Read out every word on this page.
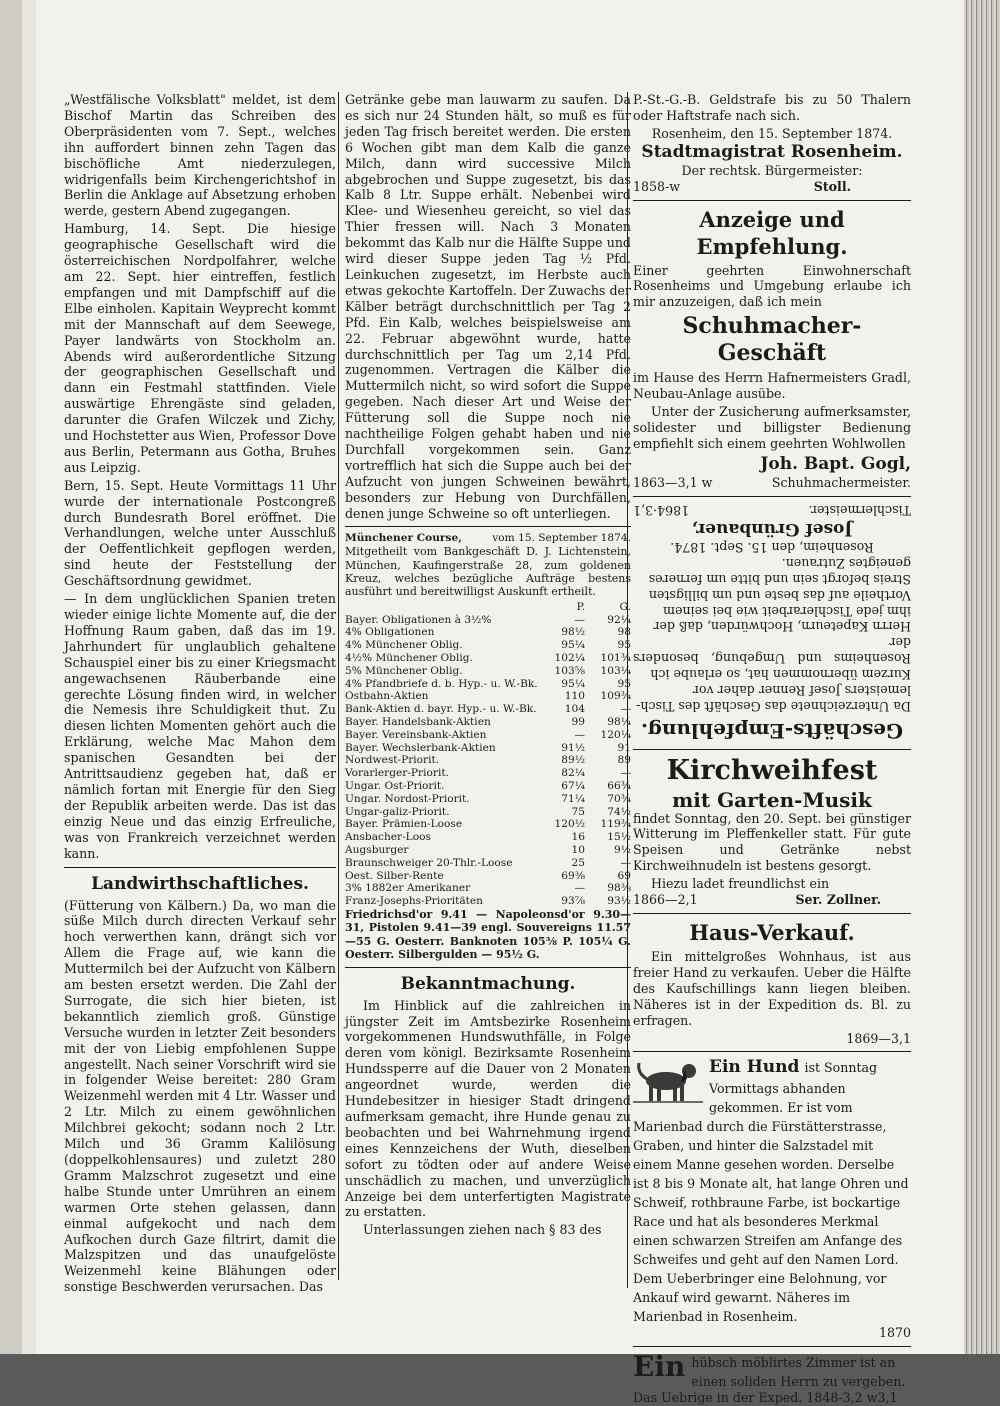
„Westfälische Volksblatt" meldet, ist dem Bischof Martin das Schreiben des Oberpräsidenten vom 7. Sept., welches ihn auffordert binnen zehn Tagen das bischöfliche Amt niederzulegen, widrigenfalls beim Kirchengerichtshof in Berlin die Anklage auf Absetzung erhoben werde, gestern Abend zugegangen.

Hamburg, 14. Sept. Die hiesige geographische Gesellschaft wird die österreichischen Nordpolfahrer, welche am 22. Sept. hier eintreffen, festlich empfangen und mit Dampfschiff auf die Elbe einholen. Kapitain Weyprecht kommt mit der Mannschaft auf dem Seewege, Payer landwärts von Stockholm an. Abends wird außerordentliche Sitzung der geographischen Gesellschaft und dann ein Festmahl stattfinden. Viele auswärtige Ehrengäste sind geladen, darunter die Grafen Wilczek und Zichy, und Hochstetter aus Wien, Professor Dove aus Berlin, Petermann aus Gotha, Bruhes aus Leipzig.

Bern, 15. Sept. Heute Vormittags 11 Uhr wurde der internationale Postcongreß durch Bundesrath Borel eröffnet. Die Verhandlungen, welche unter Ausschluß der Oeffentlichkeit gepflogen werden, sind heute der Feststellung der Geschäftsordnung gewidmet.

— In dem unglücklichen Spanien treten wieder einige lichte Momente auf, die der Hoffnung Raum gaben, daß das im 19. Jahrhundert für unglaublich gehaltene Schauspiel einer bis zu einer Kriegsmacht angewachsenen Räuberbande eine gerechte Lösung finden wird, in welcher die Nemesis ihre Schuldigkeit thut. Zu diesen lichten Momenten gehört auch die Erklärung, welche Mac Mahon dem spanischen Gesandten bei der Antrittsaudienz gegeben hat, daß er nämlich fortan mit Energie für den Sieg der Republik arbeiten werde. Das ist das einzig Neue und das einzig Erfreuliche, was von Frankreich verzeichnet werden kann.

Landwirthschaftliches.

(Fütterung von Kälbern.) Da, wo man die süße Milch durch directen Verkauf sehr hoch verwerthen kann, drängt sich vor Allem die Frage auf, wie kann die Muttermilch bei der Aufzucht von Kälbern am besten ersetzt werden. Die Zahl der Surrogate, die sich hier bieten, ist bekanntlich ziemlich groß. Günstige Versuche wurden in letzter Zeit besonders mit der von Liebig empfohlenen Suppe angestellt. Nach seiner Vorschrift wird sie in folgender Weise bereitet: 280 Gram Weizenmehl werden mit 4 Ltr. Wasser und 2 Ltr. Milch zu einem gewöhnlichen Milchbrei gekocht; sodann noch 2 Ltr. Milch und 36 Gramm Kalilösung (doppelkohlensaures) und zuletzt 280 Gramm Malzschrot zugesetzt und eine halbe Stunde unter Umrühren an einem warmen Orte stehen gelassen, dann einmal aufgekocht und nach dem Aufkochen durch Gaze filtrirt, damit die Malzspitzen und das unaufgelöste Weizenmehl keine Blähungen oder sonstige Beschwerden verursachen. Das

Getränke gebe man lauwarm zu saufen. Da es sich nur 24 Stunden hält, so muß es für jeden Tag frisch bereitet werden. Die ersten 6 Wochen gibt man dem Kalb die ganze Milch, dann wird successive Milch abgebrochen und Suppe zugesetzt, bis das Kalb 8 Ltr. Suppe erhält. Nebenbei wird Klee- und Wiesenheu gereicht, so viel das Thier fressen will. Nach 3 Monaten bekommt das Kalb nur die Hälfte Suppe und wird dieser Suppe jeden Tag ½ Pfd. Leinkuchen zugesetzt, im Herbste auch etwas gekochte Kartoffeln. Der Zuwachs der Kälber beträgt durchschnittlich per Tag 2 Pfd. Ein Kalb, welches beispielsweise am 22. Februar abgewöhnt wurde, hatte durchschnittlich per Tag um 2,14 Pfd. zugenommen. Vertragen die Kälber die Muttermilch nicht, so wird sofort die Suppe gegeben. Nach dieser Art und Weise der Fütterung soll die Suppe noch nie nachtheilige Folgen gehabt haben und nie Durchfall vorgekommen sein. Ganz vortrefflich hat sich die Suppe auch bei der Aufzucht von jungen Schweinen bewährt, besonders zur Hebung von Durchfällen, denen junge Schweine so oft unterliegen.

Münchener Course,	vom 15. September 1874.

Mitgetheilt vom Bankgeschäft D. J. Lichtenstein, München, Kaufingerstraße 28, zum goldenen Kreuz, welches bezügliche Aufträge bestens ausführt und bereitwilligst Auskunft ertheilt.

	P.	G.
Bayer. Obligationen à 3½%	—	92¼
4% Obligationen	98½	98
4% Münchener Oblig.	95¼	95
4½% Münchener Oblig.	102¼	101¾
5% Münchener Oblig.	103⅝	103¼
4% Pfandbriefe d. b. Hyp.- u. W.-Bk.	95¼	95
Ostbahn-Aktien	110	109¾
Bank-Aktien d. bayr. Hyp.- u. W.-Bk.	104	—
Bayer. Handelsbank-Aktien	99	98¼
Bayer. Vereinsbank-Aktien	—	120¼
Bayer. Wechslerbank-Aktien	91½	91
Nordwest-Priorit.	89½	89
Vorarlerger-Priorit.	82¼	—
Ungar. Ost-Priorit.	67¼	66¾
Ungar. Nordost-Priorit.	71¼	70¾
Ungar-galiz-Priorit.	75	74½
Bayer. Prämien-Loose	120½	119¾
Ansbacher-Loos	16	15½
Augsburger	10	9½
Braunschweiger 20-Thlr.-Loose	25	—
Oest. Silber-Rente	69⅜	69
3% 1882er Amerikaner	—	98⅜
Franz-Josephs-Prioritäten	93⅞	93½

Friedrichsd'or 9.41 — Napoleonsd'or 9.30—31, Pistolen 9.41—39 engl. Souvereigns 11.57—55 G. Oesterr. Banknoten 105⅜ P. 105¼ G. Oesterr. Silbergulden — 95½ G.

Bekanntmachung.

Im Hinblick auf die zahlreichen in jüngster Zeit im Amtsbezirke Rosenheim vorgekommenen Hundswuthfälle, in Folge deren vom königl. Bezirksamte Rosenheim Hundssperre auf die Dauer von 2 Monaten angeordnet wurde, werden die Hundebesitzer in hiesiger Stadt dringend aufmerksam gemacht, ihre Hunde genau zu beobachten und bei Wahrnehmung irgend eines Kennzeichens der Wuth, dieselben sofort zu tödten oder auf andere Weise unschädlich zu machen, und unverzüglich Anzeige bei dem unterfertigten Magistrate zu erstatten.

Unterlassungen ziehen nach § 83 des

P.-St.-G.-B. Geldstrafe bis zu 50 Thalern oder Haftstrafe nach sich.

Rosenheim, den 15. September 1874.
Stadtmagistrat Rosenheim.
Der rechtsk. Bürgermeister:
1858-w	Stoll.
Anzeige und Empfehlung.

Einer geehrten Einwohnerschaft Rosenheims und Umgebung erlaube ich mir anzuzeigen, daß ich mein

Schuhmacher-Geschäft

im Hause des Herrn Hafnermeisters Gradl, Neubau-Anlage ausübe.

Unter der Zusicherung aufmerksamster, solidester und billigster Bedienung empfiehlt sich einem geehrten Wohlwollen

Joh. Bapt. Gogl,
1863—3,1 w	Schuhmachermeister.
Geschäfts-Empfehlung.
Da Unterzeichnete das Geschäft des Tisch-
lemeisters Josef Renner daher vor
Kurzem übernommen hat, so erlaube ich
Rosenheims und Umgebung, besonders der
Herrn Kapeteurn, Hochwürden, daß der
ihm jede Tischlerarbeit wie bei seinem
Vortheile auf das beste und um billigsten
Streis beforgt sein und bitte um ferneres
geneigtes Zutrauen.
Rosenheim, den 15. Sept. 1874.
Josef Grünbauer,
Tischlermeister.
1864·3,1
Kirchweihfest
mit Garten-Musik

findet Sonntag, den 20. Sept. bei günstiger Witterung im Pleffenkeller statt. Für gute Speisen und Getränke nebst Kirchweihnudeln ist bestens gesorgt.

Hiezu ladet freundlichst ein
1866—2,1	Ser. Zollner.
Haus-Verkauf.

Ein mittelgroßes Wohnhaus, ist aus freier Hand zu verkaufen. Ueber die Hälfte des Kaufschillings kann liegen bleiben. Näheres ist in der Expedition ds. Bl. zu erfragen.

1869—3,1
Ein Hund ist Sonntag Vormittags abhanden gekommen. Er ist vom Marienbad durch die Fürstätterstrasse, Graben, und hinter die Salzstadel mit einem Manne gesehen worden. Derselbe ist 8 bis 9 Monate alt, hat lange Ohren und Schweif, rothbraune Farbe, ist bockartige Race und hat als besonderes Merkmal einen schwarzen Streifen am Anfange des Schweifes und geht auf den Namen Lord. Dem Ueberbringer eine Belohnung, vor Ankauf wird gewarnt. Näheres im Marienbad in Rosenheim.
1870
Ein hübsch möblirtes Zimmer ist an einen soliden Herrn zu vergeben.
Das Uebrige in der Exped. 1848-3,2 w3,1
